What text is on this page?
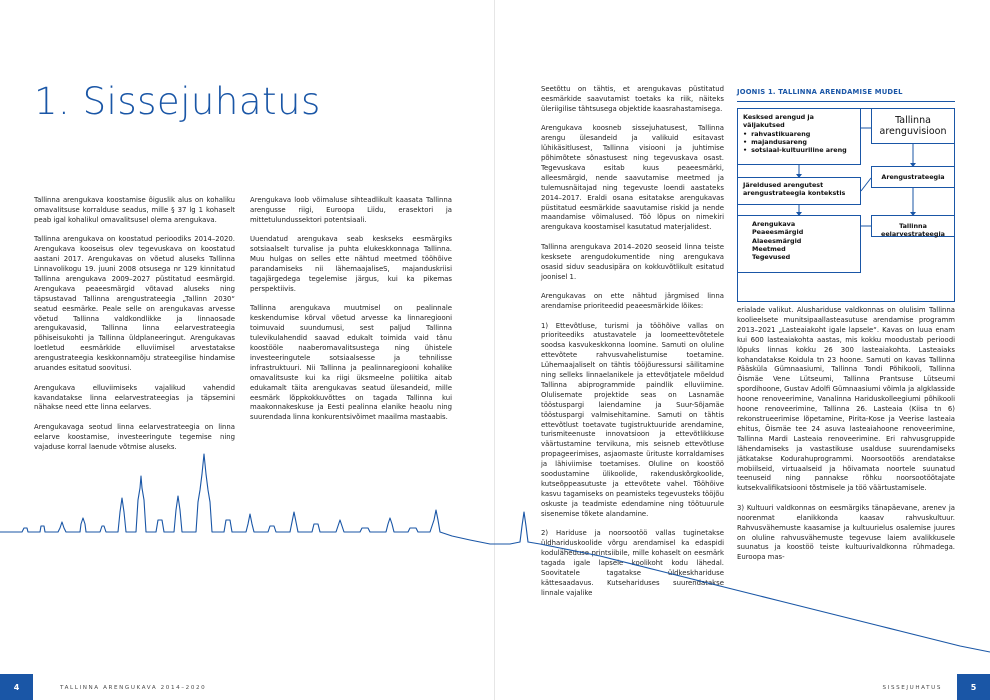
1. Sissejuhatus

Tallinna arengukava koostamise õiguslik alus on kohaliku omavalitsuse korralduse seadus, mille § 37 lg 1 kohaselt peab igal kohalikul omavalitsusel olema arengukava.

Tallinna arengukava on koostatud perioodiks 2014–2020. Arengukava kooseisus olev tegevuskava on koostatud aastani 2017. Arengukavas on võetud aluseks Tallinna Linnavolikogu 19. juuni 2008 otsusega nr 129 kinnitatud Tallinna arengukava 2009–2027 püstitatud eesmärgid. Arengukava peaeesmärgid võtavad aluseks ning täpsustavad Tallinna arengustrateegia „Tallinn 2030“ seatud eesmärke. Peale selle on arengukavas arvesse võetud Tallinna valdkondlikke ja linnaosade arengukavasid, Tallinna linna eelarvestrateegia põhiseisukohti ja Tallinna üldplaneeringut. Arengukavas loetletud eesmärkide elluviimisel arvestatakse arengustrateegia keskkonnamõju strateegilise hindamise aruandes esitatud soovitusi.

Arengukava elluviimiseks vajalikud vahendid kavandatakse linna eelarvestrateegias ja täpsemini nähakse need ette linna eelarves.

Arengukavaga seotud linna eelarvestrateegia on linna eelarve koostamise, investeeringute tegemise ning vajaduse korral laenude võtmise aluseks.

Arengukava loob võimaluse sihteadlikult kaasata Tallinna arengusse riigi, Euroopa Liidu, erasektori ja mittetulundussektori potentsiaali.

Uuendatud arengukava seab keskseks eesmärgiks sotsiaalselt turvalise ja puhta elukeskkonnaga Tallinna. Muu hulgas on selles ette nähtud meetmed tööhõive parandamiseks nii lähemaajaliseS, majanduskriisi tagajärgedega tegelemise järgus, kui ka pikemas perspektiivis.

Tallinna arengukava muutmisel on pealinnale keskendumise kõrval võetud arvesse ka linnaregiooni toimuvaid suundumusi, sest paljud Tallinna tulevikulahendid saavad edukalt toimida vaid tänu koostööle naaberomavalitsustega ning ühistele investeeringutele sotsiaalsesse ja tehnilisse infrastruktuuri. Nii Tallinna ja pealinnaregiooni kohalike omavalitsuste kui ka riigi üksmeelne poliitika aitab edukamalt täita arengukavas seatud ülesandeid, mille eesmärk lõppkokkuvõttes on tagada Tallinna kui maakonnakeskuse ja Eesti pealinna elanike heaolu ning suurendada linna konkurentsivõimet maailma mastaabis.

Seetõttu on tähtis, et arengukavas püstitatud eesmärkide saavutamist toetaks ka riik, näiteks üleriigilise tähtsusega objektide kaasrahastamisega.

Arengukava koosneb sissejuhatusest, Tallinna arengu ülesandeid ja valikuid esitavast lühikäsitlusest, Tallinna visiooni ja juhtimise põhimõtete sõnastusest ning tegevuskava osast. Tegevuskava esitab kuus peaeesmärki, alleesmärgid, nende saavutamise meetmed ja tulemusnäitajad ning tegevuste loendi aastateks 2014–2017. Eraldi osana esitatakse arengukavas püstitatud eesmärkide saavutamise riskid ja nende maandamise võimalused. Töö lõpus on nimekiri arengukava koostamisel kasutatud materjalidest.

Tallinna arengukava 2014–2020 seoseid linna teiste kesksete arengudokumentide ning arengukava osasid siduv seadusipära on kokkuvõtlikult esitatud joonisel 1.

Arengukavas on ette nähtud järgmised linna arendamise prioriteedid peaeesmärkide lõikes:

1) Ettevõtluse, turismi ja tööhõive vallas on prioriteediks atustavatele ja loomeettevõtetele soodsa kasvukeskkonna loomine. Samuti on oluline ettevõtete rahvusvahelistumise toetamine. Lühemaajaliselt on tähtis tööjõuressursi säilitamine ning selleks linnaelanikele ja ettevõtjatele mõeldud Tallinna abiprogrammide paindlik elluviimine. Olulisemate projektide seas on Lasnamäe tööstuspargi laiendamine ja Suur-Sõjamäe tööstuspargi valmisehitamine. Samuti on tähtis ettevõtlust toetavate tugistruktuuride arendamine, turismiteenuste innovatsioon ja ettevõtlikkuse väärtustamine tervikuna, mis seisneb ettevõtluse propageerimises, asjaomaste ürituste korraldamises ja lähiviimise toetamises. Oluline on koostöö soodustamine ülikoolide, rakenduskõrgkoolide, kutseõppeasutuste ja ettevõtete vahel. Tööhõive kasvu tagamiseks on peamisteks tegevusteks tööjõu oskuste ja teadmiste edendamine ning töötuurule sisenemise tõkete alandamine.

2) Hariduse ja noorsootöö vallas tuginetakse üldhariduskoolide võrgu arendamisel ka edaspidi koduläheduse printsiibile, mille kohaselt on eesmärk tagada igale lapsele koolikoht kodu lähedal. Soovitatele tagatakse üldkeskharidusе kättesaadavus. Kutsehariduses suurendatakse linnale vajalike

erialade valikut. Alushariduse valdkonnas on olulisim Tallinna koolieelsete munitsipaallasteasutuse arendamise programm 2013–2021 „Lasteaiakoht igale lapsele“. Kavas on luua enam kui 600 lasteaiakohta aastas, mis kokku moodustab perioodi lõpuks linnas kokku 26 300 lasteaiakohta. Lasteaiaks kohandatakse Koidula tn 23 hoone. Samuti on kavas Tallinna Pääsküla Gümnaasiumi, Tallinna Tondi Põhikooli, Tallinna Õismäe Vene Lütseumi, Tallinna Prantsuse Lütseumi spordihoone, Gustav Adolfi Gümnaasiumi võimla ja algklasside hoone renoveerimine, Vanalinna Hariduskolleegiumi põhikooli hoone renoveerimine, Tallinna 26. Lasteaia (Kiisa tn 6) rekonstrueerimise lõpetamine, Pirita-Kose ja Veerise lasteaia ehitus, Õismäe tee 24 asuva lasteaiahoone renoveerimine, Tallinna Mardi Lasteaia renoveerimine. Eri rahvusgruppide lähendamiseks ja vastastikuse usalduse suurendamiseks jätkatakse Kodurahuprogrammi. Noorsootöös arendatakse mobiilseid, virtuaalseid ja hõivamata noortele suunatud teenuseid ning pannakse rõhku noorsootöötajate kutsekvalifikatsiooni tõstmisele ja töö väärtustamisele.

3) Kultuuri valdkonnas on eesmärgiks tänapäevane, arenev ja noorenmat elanikkonda kaasav rahvuskultuur. Rahvusvähemuste kaasamise ja kultuurielus osalemise juures on oluline rahvusvähemuste tegevuse laiem avalikkusele suunatus ja koostöö teiste kultuurivaldkonna rühmadega. Euroopa mas-

JOONIS 1. TALLINNA ARENDAMISE MUDEL
Kesksed arengud ja väljakutsed
• rahvastikuareng
• majandusareng
• sotsiaal-kultuuriline areng
Tallinna arenguvisioon
Järeldused arengutest arengustrateegia kontekstis
Arengustrateegia
Arengukava
Peaeesmärgid
Alaeesmärgid
Meetmed
Tegevused
Tallinna eelarvestrateegia
4	TALLINNA ARENGUKAVA 2014–2020	SISSEJUHATUS	5
